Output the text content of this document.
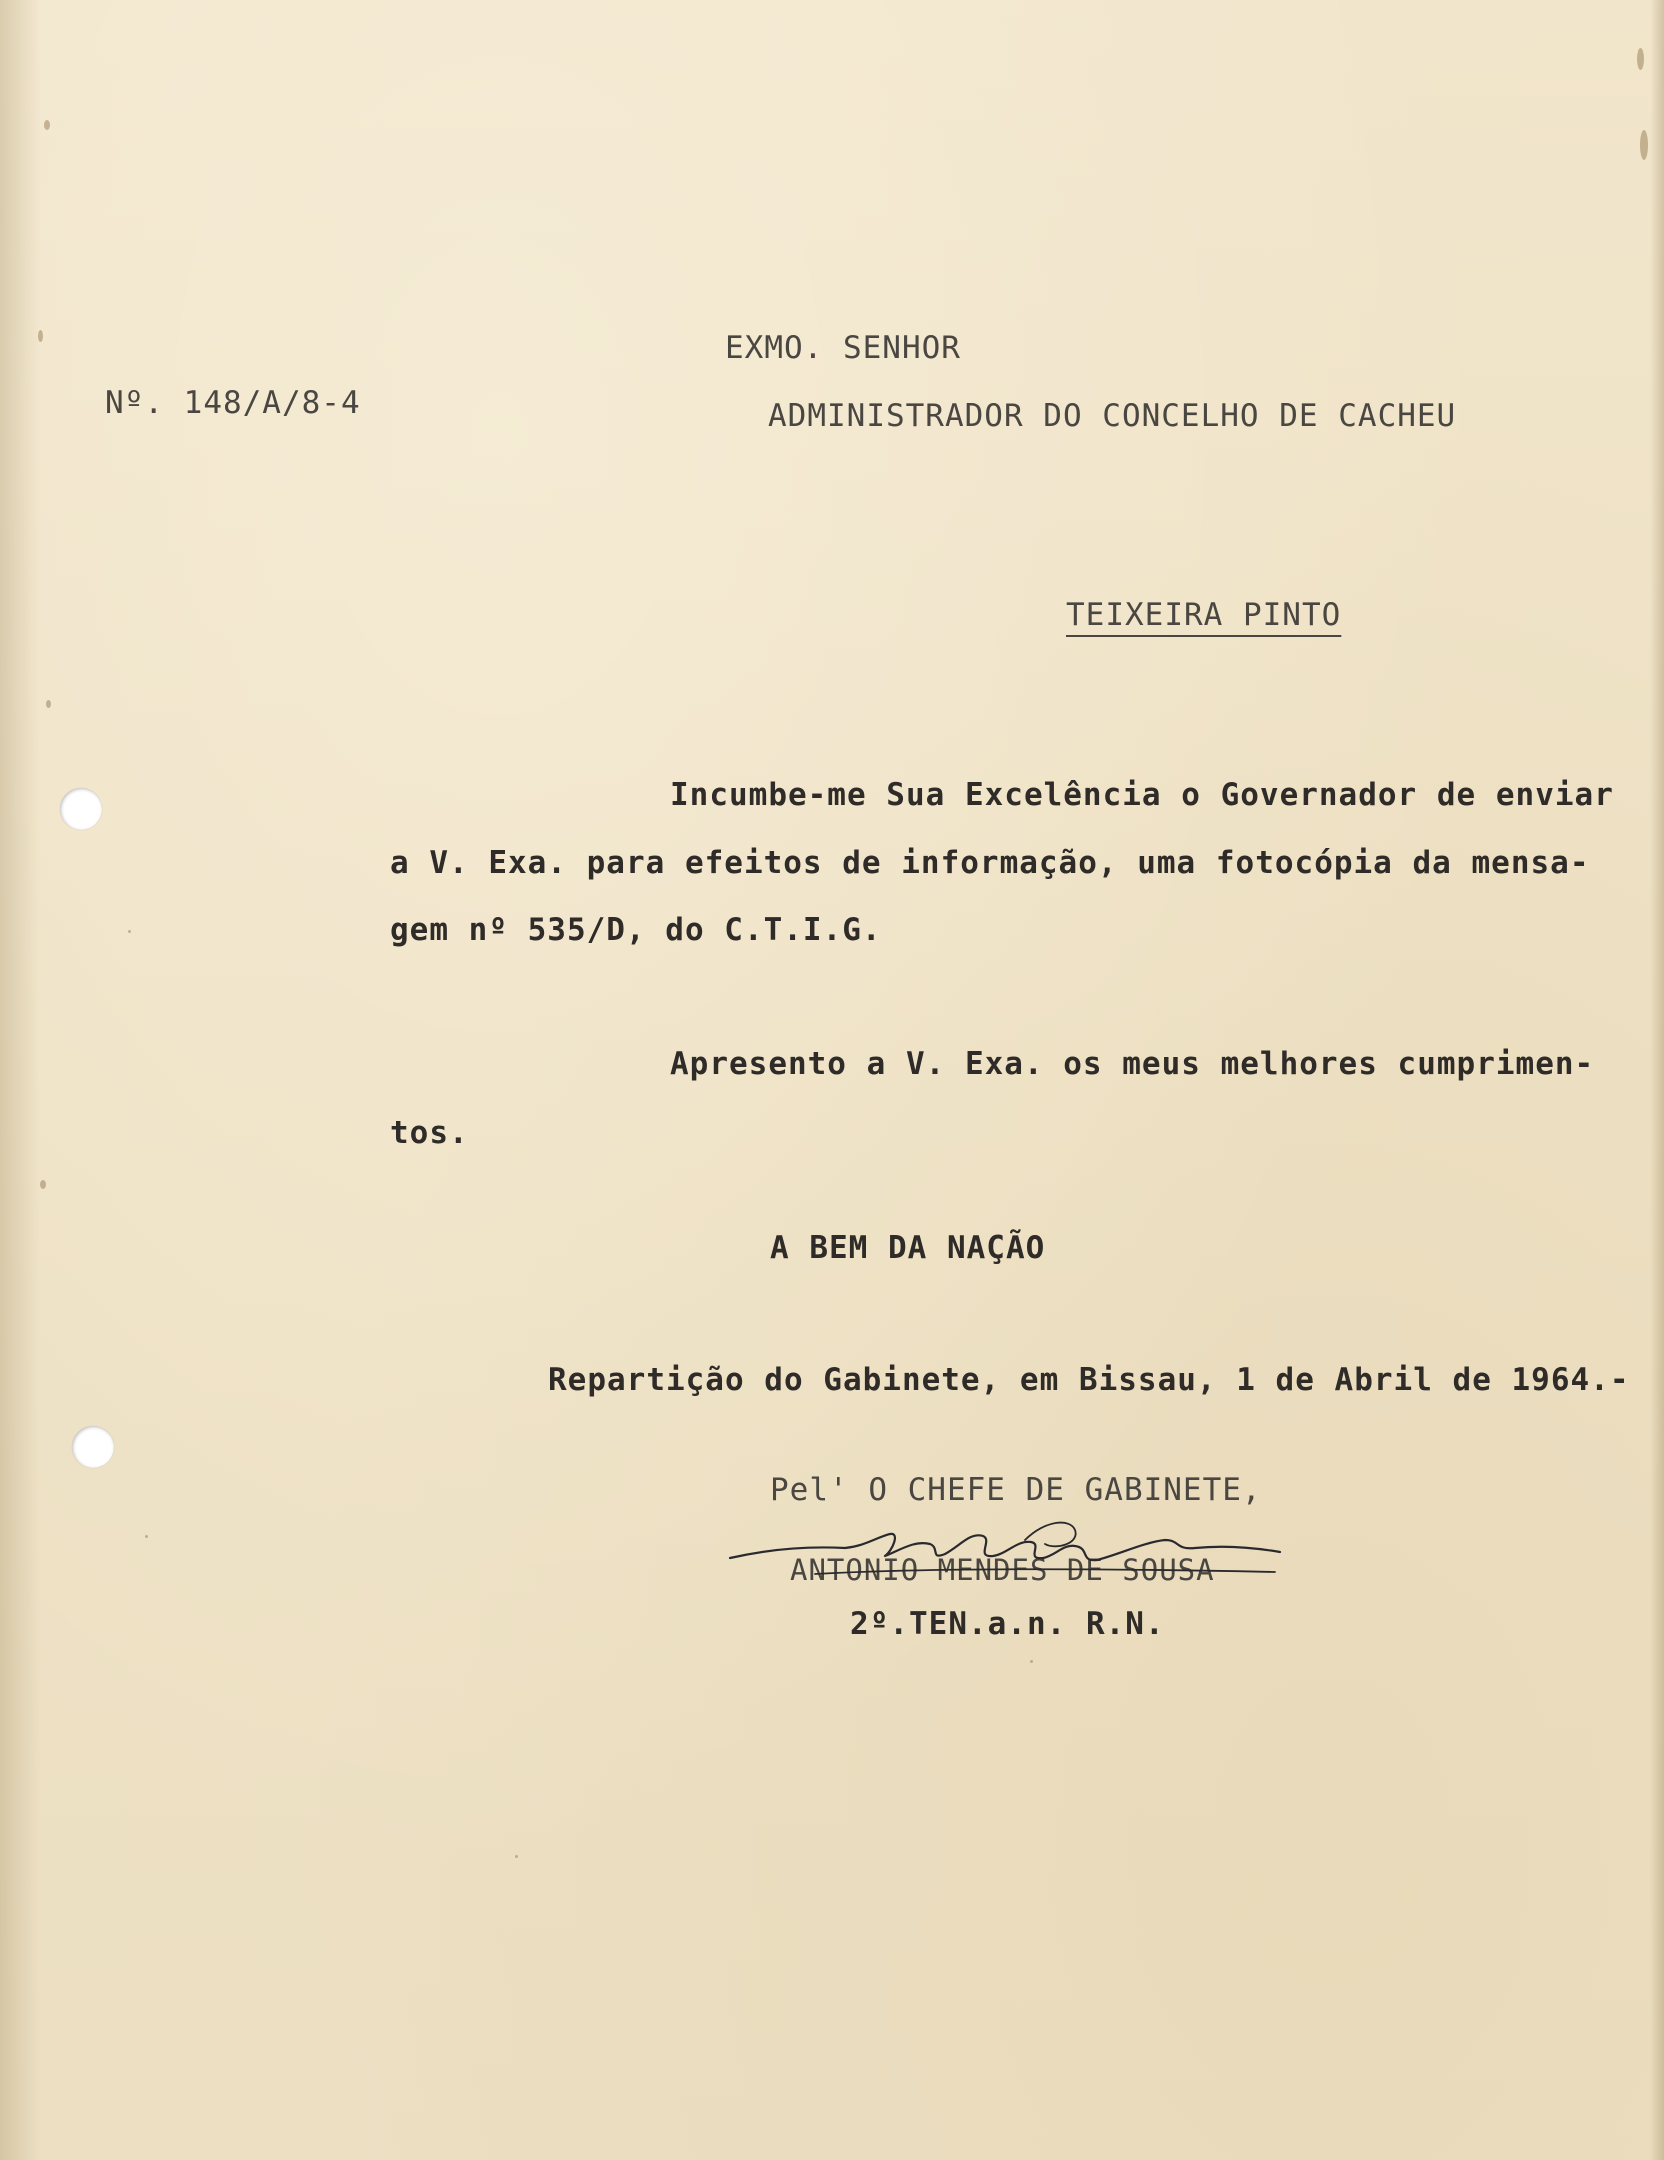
Nº. 148/A/8-4
EXMO. SENHOR
ADMINISTRADOR DO CONCELHO DE CACHEU
TEIXEIRA PINTO
Incumbe-me Sua Excelência o Governador de enviar
a V. Exa. para efeitos de informação, uma fotocópia da mensa-
gem nº 535/D, do C.T.I.G.
Apresento a V. Exa. os meus melhores cumprimen-
tos.
A BEM DA NAÇÃO
Repartição do Gabinete, em Bissau, 1 de Abril de 1964.-
Pel' O CHEFE DE GABINETE,
ANTONIO MENDES DE SOUSA
2º.TEN.a.n. R.N.
